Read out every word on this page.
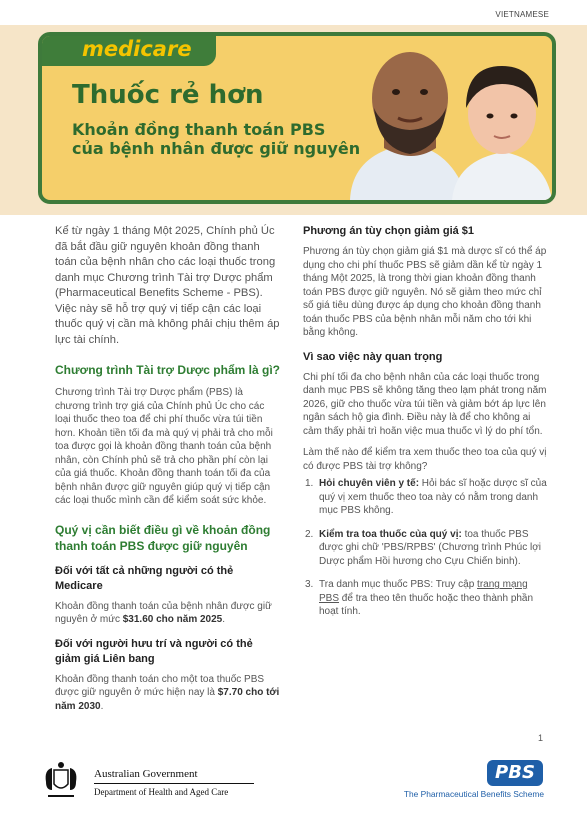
VIETNAMESE
medicare
Thuốc rẻ hơn
Khoản đồng thanh toán PBS của bệnh nhân được giữ nguyên

Kể từ ngày 1 tháng Một 2025, Chính phủ Úc đã bắt đầu giữ nguyên khoản đồng thanh toán của bệnh nhân cho các loại thuốc trong danh mục Chương trình Tài trợ Dược phẩm (Pharmaceutical Benefits Scheme - PBS). Việc này sẽ hỗ trợ quý vị tiếp cận các loại thuốc quý vị cần mà không phải chịu thêm áp lực tài chính.

Chương trình Tài trợ Dược phẩm là gì?

Chương trình Tài trợ Dược phẩm (PBS) là chương trình trợ giá của Chính phủ Úc cho các loại thuốc theo toa để chi phí thuốc vừa túi tiền hơn. Khoản tiền tối đa mà quý vị phải trả cho mỗi toa được gọi là khoản đồng thanh toán của bệnh nhân, còn Chính phủ sẽ trả cho phần phí còn lại của giá thuốc. Khoản đồng thanh toán tối đa của bệnh nhân được giữ nguyên giúp quý vị tiếp cận các loại thuốc mình cần để kiểm soát sức khỏe.

Quý vị cần biết điều gì về khoản đồng thanh toán PBS được giữ nguyên
Đối với tất cả những người có thẻ Medicare

Khoản đồng thanh toán của bệnh nhân được giữ nguyên ở mức $31.60 cho năm 2025.

Đối với người hưu trí và người có thẻ giảm giá Liên bang

Khoản đồng thanh toán cho một toa thuốc PBS được giữ nguyên ở mức hiện nay là $7.70 cho tới năm 2030.

Phương án tùy chọn giảm giá $1

Phương án tùy chọn giảm giá $1 mà dược sĩ có thể áp dụng cho chi phí thuốc PBS sẽ giảm dần kể từ ngày 1 tháng Một 2025, là trong thời gian khoản đồng thanh toán PBS được giữ nguyên. Nó sẽ giảm theo mức chỉ số giá tiêu dùng được áp dụng cho khoản đồng thanh toán thuốc PBS của bệnh nhân mỗi năm cho tới khi bằng không.

Vì sao việc này quan trọng

Chi phí tối đa cho bệnh nhân của các loại thuốc trong danh mục PBS sẽ không tăng theo lạm phát trong năm 2026, giữ cho thuốc vừa túi tiền và giảm bớt áp lực lên ngân sách hộ gia đình. Điều này là để cho không ai cảm thấy phải trì hoãn việc mua thuốc vì lý do phí tổn.

Làm thế nào để kiểm tra xem thuốc theo toa của quý vị có được PBS tài trợ không?

1. Hỏi chuyên viên y tế: Hỏi bác sĩ hoặc dược sĩ của quý vị xem thuốc theo toa này có nằm trong danh mục PBS không.
2. Kiểm tra toa thuốc của quý vị: toa thuốc PBS được ghi chữ 'PBS/RPBS' (Chương trình Phúc lợi Dược phẩm Hồi hương cho Cựu Chiến binh).
3. Tra danh mục thuốc PBS: Truy cập trang mạng PBS để tra theo tên thuốc hoặc theo thành phần hoạt tính.
1
Australian Government
Department of Health and Aged Care
PBS
The Pharmaceutical Benefits Scheme
